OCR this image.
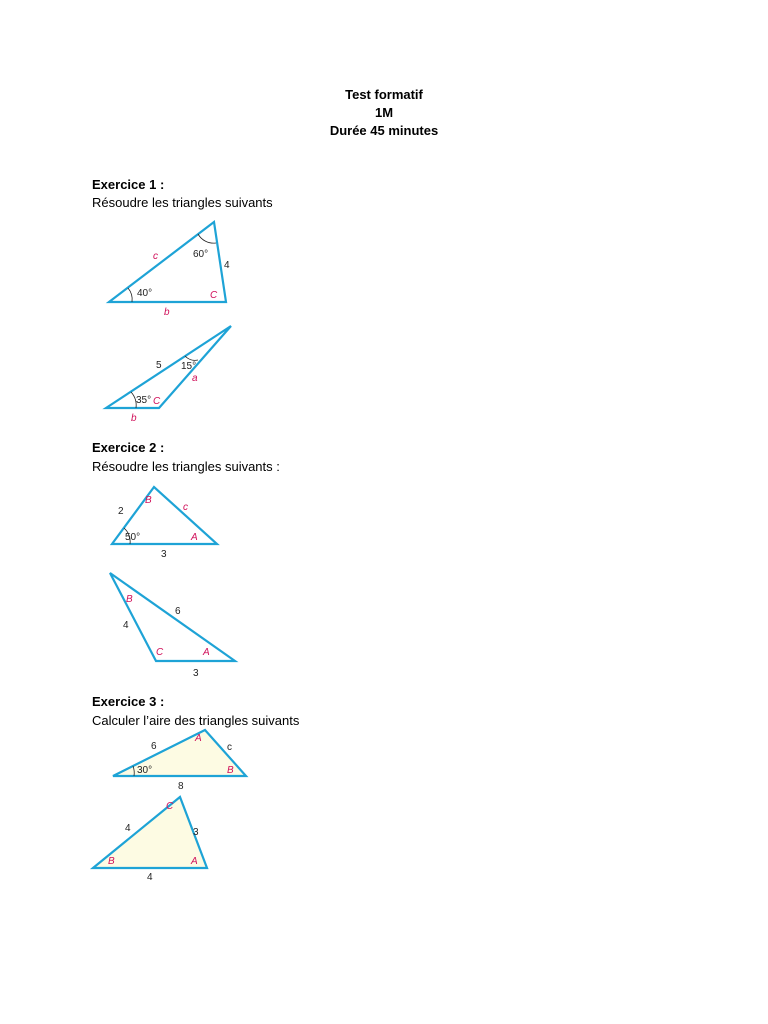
Test formatif
1M
Durée 45 minutes
Exercice 1 :
Résoudre les triangles suivants
c	60°
4
40°	C
b
5 15°
a
35° C
b
Exercice 2 :
Résoudre les triangles suivants :
2
B
c
50°	A
3
B
6
4
C	A
3
Exercice 3 :
Calculer l’aire des triangles suivants
6
A
c
30°	B
8
C
4	3
B	A
4
